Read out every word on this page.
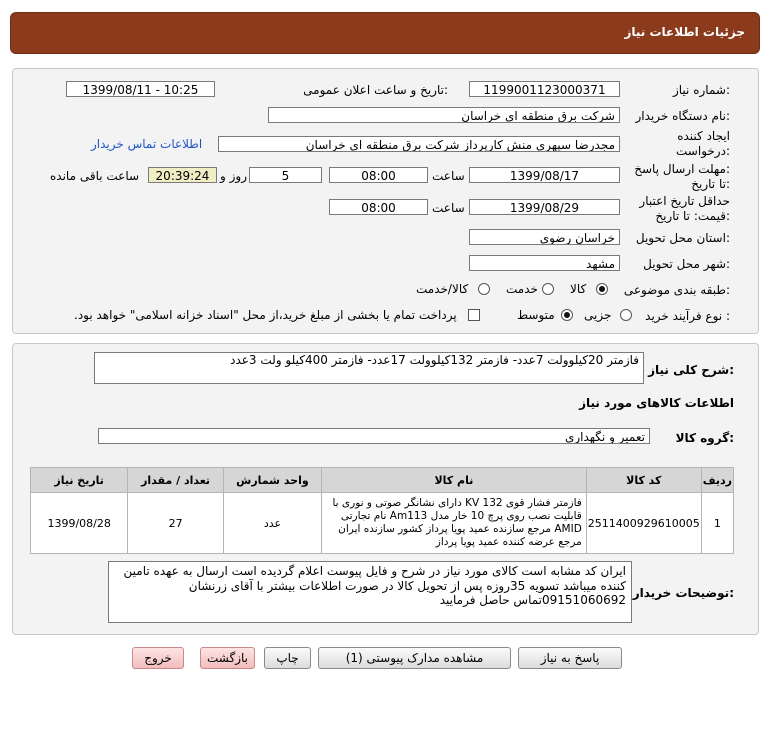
جزئیات اطلاعات نیاز
شماره نیاز:
1199001123000371
تاریخ و ساعت اعلان عمومی:
1399/08/11 - 10:25
نام دستگاه خریدار:
شرکت برق منطقه ای خراسان
ایجاد کننده
درخواست:
مجدرضا سپهری منش کارپرداز شرکت برق منطقه ای خراسان
اطلاعات تماس خریدار
مهلت ارسال پاسخ:
تا تاریخ:
1399/08/17
ساعت
08:00
5
روز و
20:39:24
ساعت باقی مانده
حداقل تاریخ اعتبار
قیمت: تا تاریخ:
1399/08/29
ساعت
08:00
استان محل تحویل:
خراسان رضوی
شهر محل تحویل:
مشهد
طبقه بندی موضوعی:
کالا
خدمت
کالا/خدمت
نوع فرآیند خرید :
جزیی
متوسط
پرداخت تمام یا بخشی از مبلغ خرید،از محل "اسناد خزانه اسلامی" خواهد بود.
شرح کلی نیاز:
فازمتر 20کیلوولت 7عدد- فازمتر 132کیلوولت 17عدد- فازمتر 400کیلو ولت 3عدد
اطلاعات کالاهای مورد نیاز
گروه کالا:
تعمیر و نگهداری
ردیف	کد کالا	نام کالا	واحد شمارش	تعداد / مقدار	تاریخ نیاز
1	2511400929610005	فازمتر فشار قوی KV 132 دارای نشانگر صوتی و نوری با قابلیت نصب روی پرچ 10 خار مدل Am113 نام تجارتی AMID مرجع سازنده عمید پویا پرداز کشور سازنده ایران مرجع عرضه کننده عمید پویا پرداز	عدد	27	1399/08/28
توضیحات خریدار:
ایران کد مشابه است کالای مورد نیاز در شرح و فایل پیوست اعلام گردیده است ارسال به عهده تامین کننده میباشد تسویه 35روزه پس از تحویل کالا در صورت اطلاعات بیشتر با آقای زرنشان 09151060692تماس حاصل فرمایید
پاسخ به نیاز
مشاهده مدارک پیوستی (1)
چاپ
بازگشت
خروج
